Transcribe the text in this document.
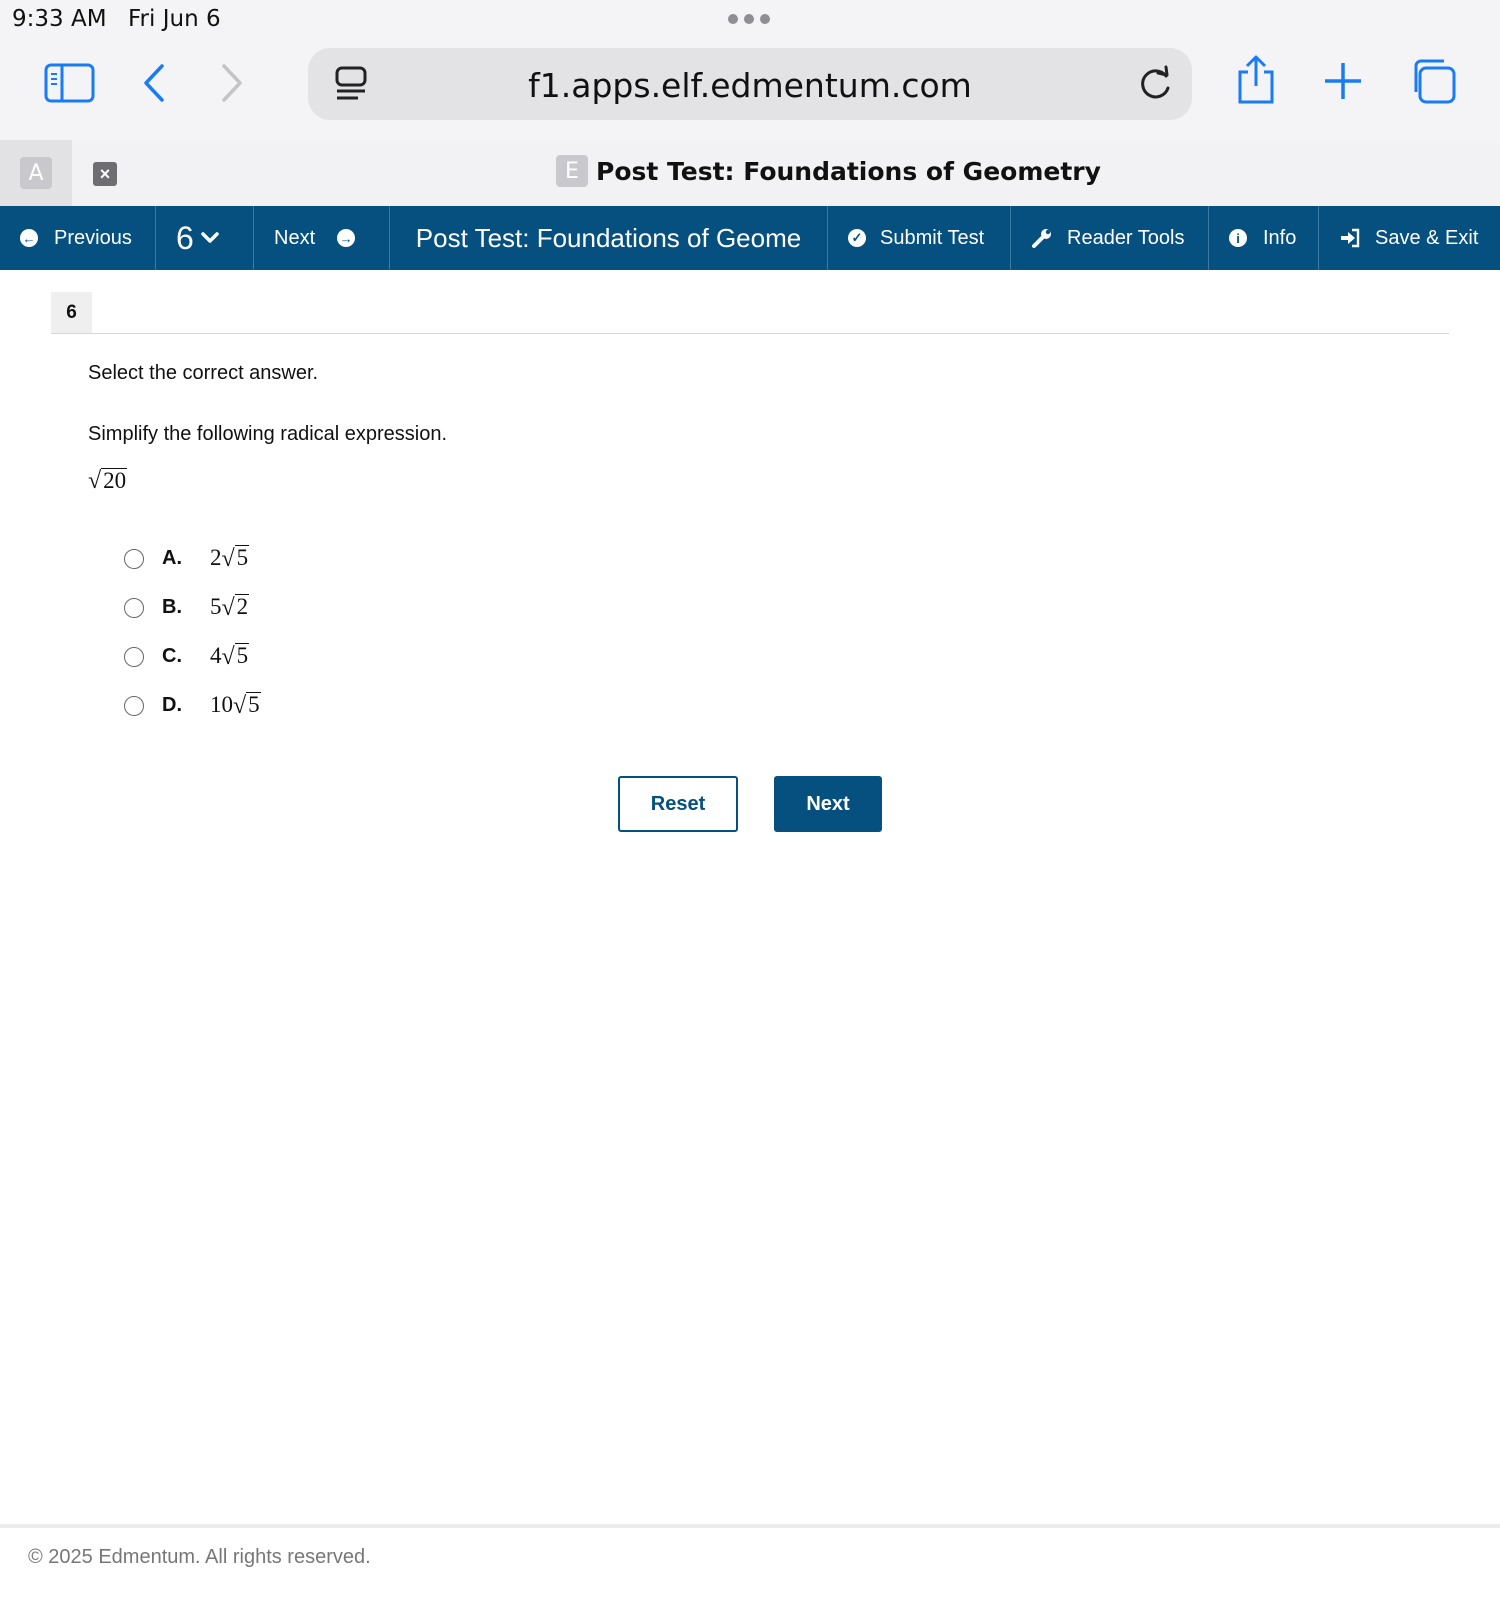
9:33 AM Fri Jun 6
f1.apps.elf.edmentum.com
A	×	E Post Test: Foundations of Geometry
← Previous 6	Next →	Post Test: Foundations of Geome	✓ Submit Test	Reader Tools	i	Info	Save & Exit
6
Select the correct answer.
Simplify the following radical expression.
√ 20
A.	2 √ 5
B.	5 √ 2
C.	4 √ 5
D.	10 √ 5
Reset	Next
© 2025 Edmentum. All rights reserved.
